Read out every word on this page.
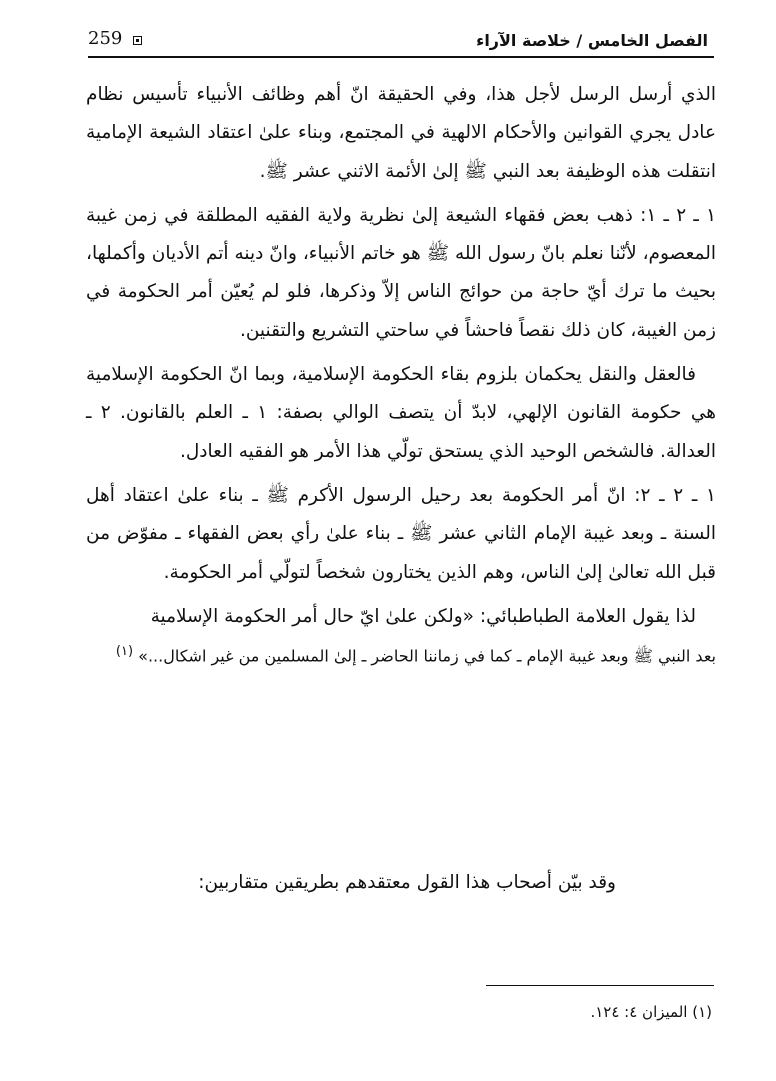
259	الفصل الخامس / خلاصة الآراء

الذي أرسل الرسل لأجل هذا، وفي الحقيقة انّ أهم وظائف الأنبياء تأسيس نظام عادل يجري القوانين والأحكام الالهية في المجتمع، وبناء علىٰ اعتقاد الشيعة الإمامية انتقلت هذه الوظيفة بعد النبي ﷺ إلىٰ الأئمة الاثني عشر ﷺ.

١ ـ ٢ ـ ١: ذهب بعض فقهاء الشيعة إلىٰ نظرية ولاية الفقيه المطلقة في زمن غيبة المعصوم، لأنّنا نعلم بانّ رسول الله ﷺ هو خاتم الأنبياء، وانّ دينه أتم الأديان وأكملها، بحيث ما ترك أيّ حاجة من حوائج الناس إلاّ وذكرها، فلو لم يُعيّن أمر الحكومة في زمن الغيبة، كان ذلك نقصاً فاحشاً في ساحتي التشريع والتقنين.

فالعقل والنقل يحكمان بلزوم بقاء الحكومة الإسلامية، وبما انّ الحكومة الإسلامية هي حكومة القانون الإلهي، لابدّ أن يتصف الوالي بصفة: ١ ـ العلم بالقانون. ٢ ـ العدالة. فالشخص الوحيد الذي يستحق تولّي هذا الأمر هو الفقيه العادل.

١ ـ ٢ ـ ٢: انّ أمر الحكومة بعد رحيل الرسول الأكرم ﷺ ـ بناء علىٰ اعتقاد أهل السنة ـ وبعد غيبة الإمام الثاني عشر ﷺ ـ بناء علىٰ رأي بعض الفقهاء ـ مفوّض من قبل الله تعالىٰ إلىٰ الناس، وهم الذين يختارون شخصاً لتولّي أمر الحكومة.

لذا يقول العلامة الطباطبائي: «ولكن علىٰ ايّ حال أمر الحكومة الإسلامية

بعد النبي ﷺ وبعد غيبة الإمام ـ كما في زماننا الحاضر ـ إلىٰ المسلمين من غير اشكال...» $^{(١)}$

وقد بيّن أصحاب هذا القول معتقدهم بطريقين متقاربين:
(١) الميزان ٤: ١٢٤.
